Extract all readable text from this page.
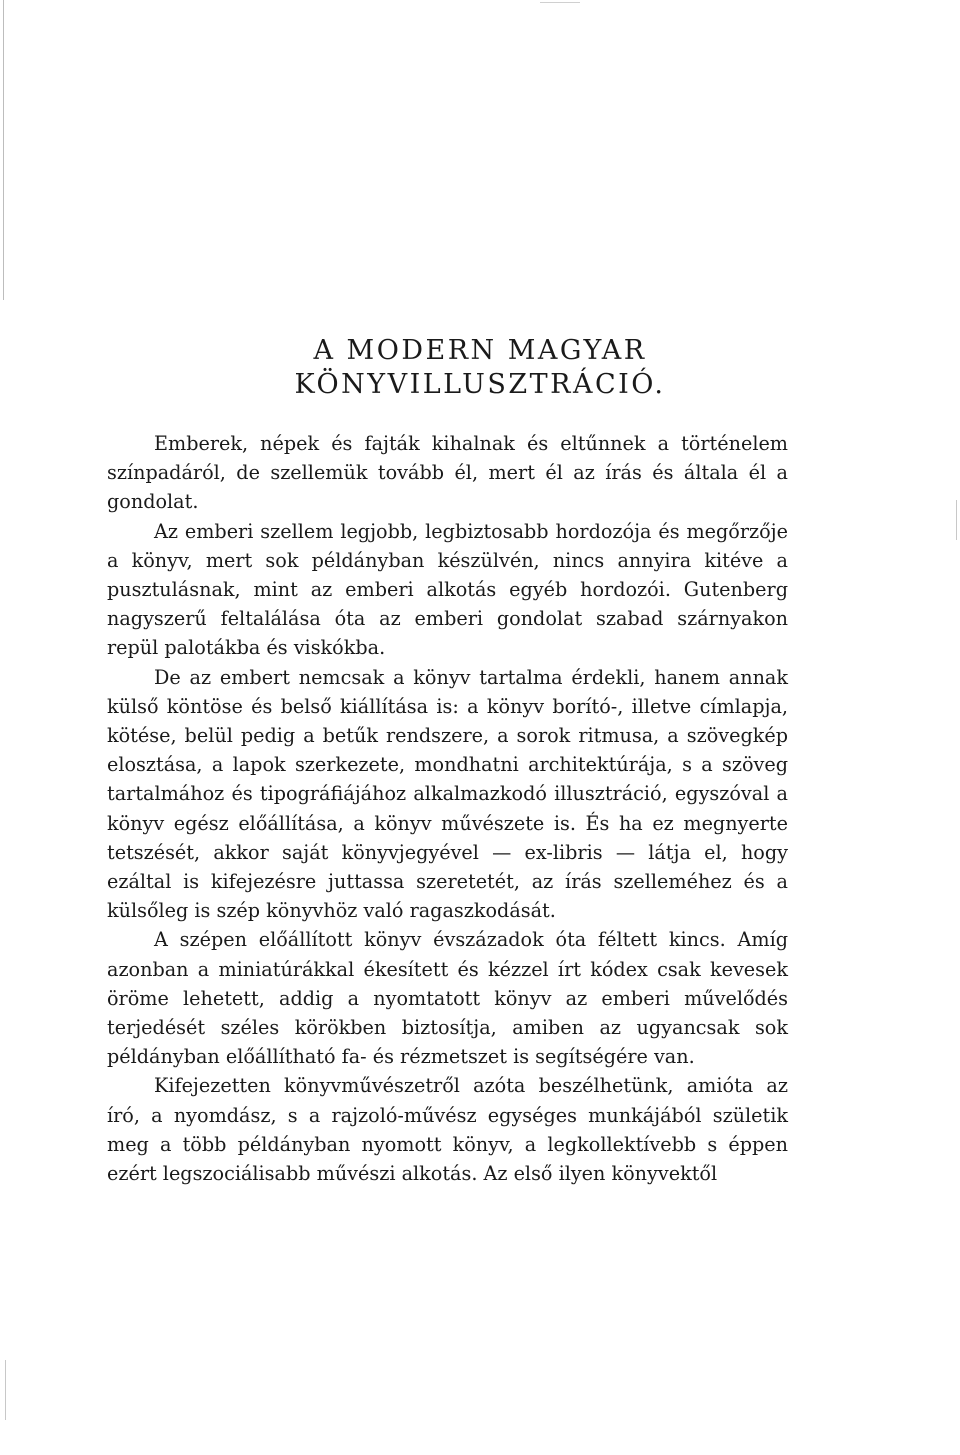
A MODERN MAGYAR
KÖNYVILLUSZTRÁCIÓ.

Emberek, népek és fajták kihalnak és eltűnnek a történelem színpadáról, de szellemük tovább él, mert él az írás és általa él a gondolat.

Az emberi szellem legjobb, legbiztosabb hordozója és megőrzője a könyv, mert sok példányban készülvén, nincs annyira kitéve a pusztulásnak, mint az emberi alkotás egyéb hordozói. Gutenberg nagyszerű feltalálása óta az emberi gondolat szabad szárnyakon repül palotákba és viskókba.

De az embert nemcsak a könyv tartalma érdekli, hanem annak külső köntöse és belső kiállítása is: a könyv borító-, illetve címlapja, kötése, belül pedig a betűk rendszere, a sorok ritmusa, a szövegkép elosztása, a lapok szerkezete, mondhatni architektúrája, s a szöveg tartalmához és tipográfiájához alkalmazkodó illusztráció, egyszóval a könyv egész előállítása, a könyv művészete is. És ha ez megnyerte tetszését, akkor saját könyvjegyével — ex-libris — látja el, hogy ezáltal is kifejezésre juttassa szeretetét, az írás szelleméhez és a külsőleg is szép könyvhöz való ragaszkodását.

A szépen előállított könyv évszázadok óta féltett kincs. Amíg azonban a miniatúrákkal ékesített és kézzel írt kódex csak kevesek öröme lehetett, addig a nyomtatott könyv az emberi művelődés terjedését széles körökben biztosítja, amiben az ugyancsak sok példányban előállítható fa- és rézmetszet is segítségére van.

Kifejezetten könyvművészetről azóta beszélhetünk, amióta az író, a nyomdász, s a rajzoló-művész egységes munkájából születik meg a több példányban nyomott könyv, a legkollektívebb s éppen ezért legszociálisabb művészi alkotás. Az első ilyen könyvektől
